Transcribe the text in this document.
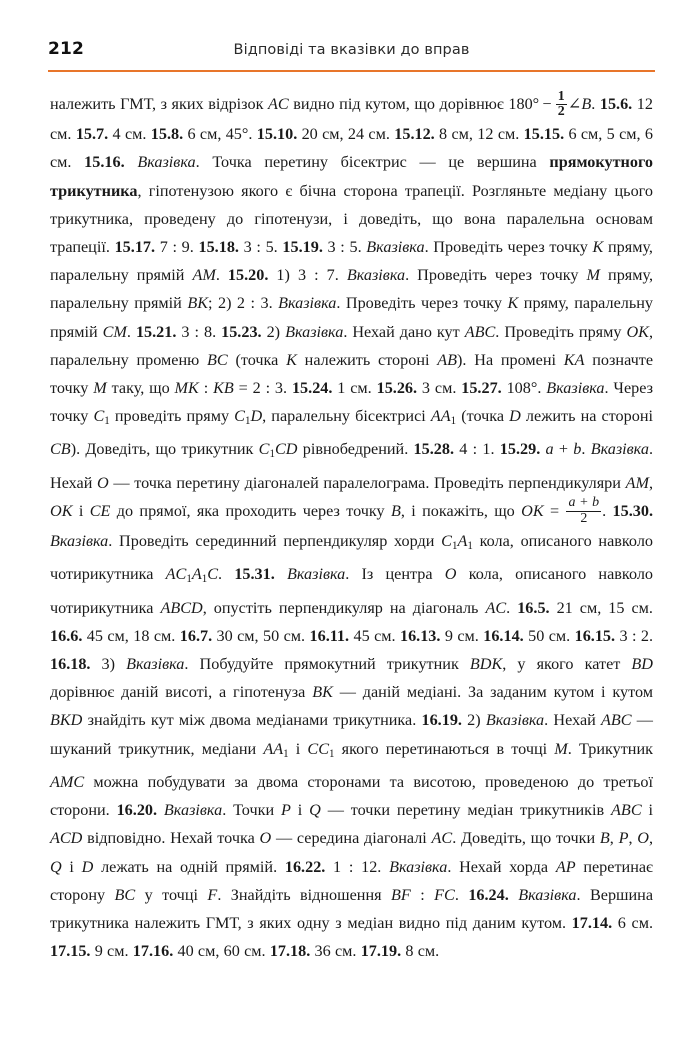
212	Відповіді та вказівки до вправ

належить ГМТ, з яких відрізок AC видно під кутом, що дорівнює $180^\circ - \frac{1}{2}$ ∠B. 15.6. 12 см. 15.7. 4 см. 15.8. 6 см, 45°. 15.10. 20 см, 24 см. 15.12. 8 см, 12 см. 15.15. 6 см, 5 см, 6 см. 15.16. Вказівка. Точка перетину бісектрис — це вершина прямокутного трикутника, гіпотенузою якого є бічна сторона трапеції. Розгляньте медіану цього трикутника, проведену до гіпотенузи, і доведіть, що вона паралельна основам трапеції. 15.17. 7 : 9. 15.18. 3 : 5. 15.19. 3 : 5. Вказівка. Проведіть через точку K пряму, паралельну прямій AM. 15.20. 1) 3 : 7. Вказівка. Проведіть через точку M пряму, паралельну прямій BK; 2) 2 : 3. Вказівка. Проведіть через точку K пряму, паралельну прямій CM. 15.21. 3 : 8. 15.23. 2) Вказівка. Нехай дано кут ABC. Проведіть пряму OK, паралельну променю BC (точка K належить стороні AB). На промені KA позначте точку M таку, що MK : KB = 2 : 3. 15.24. 1 см. 15.26. 3 см. 15.27. 108°. Вказівка. Через точку C1 проведіть пряму C1D, паралельну бісектрисі AA1 (точка D лежить на стороні CB). Доведіть, що трикутник C1CD рівнобедрений. 15.28. 4 : 1. 15.29. a + b. Вказівка. Нехай O — точка перетину діагоналей паралелограма. Проведіть перпендикуляри AM, OK і CE до прямої, яка проходить через точку B, і покажіть, що OK = $\frac{a + b}{2}$ . 15.30. Вказівка. Проведіть серединний перпендикуляр хорди C1A1 кола, описаного навколо чотирикутника AC1A1C. 15.31. Вказівка. Із центра O кола, описаного навколо чотирикутника ABCD, опустіть перпендикуляр на діагональ AC. 16.5. 21 см, 15 см. 16.6. 45 см, 18 см. 16.7. 30 см, 50 см. 16.11. 45 см. 16.13. 9 см. 16.14. 50 см. 16.15. 3 : 2. 16.18. 3) Вказівка. Побудуйте прямокутний трикутник BDK, у якого катет BD дорівнює даній висоті, а гіпотенуза BK — даній медіані. За заданим кутом і кутом BKD знайдіть кут між двома медіанами трикутника. 16.19. 2) Вказівка. Нехай ABC — шуканий трикутник, медіани AA1 і CC1 якого перетинаються в точці M. Трикутник AMC можна побудувати за двома сторонами та висотою, проведеною до третьої сторони. 16.20. Вказівка. Точки P і Q — точки перетину медіан трикутників ABC і ACD відповідно. Нехай точка O — середина діагоналі AC. Доведіть, що точки B, P, O, Q і D лежать на одній прямій. 16.22. 1 : 12. Вказівка. Нехай хорда AP перетинає сторону BC у точці F. Знайдіть відношення BF : FC. 16.24. Вказівка. Вершина трикутника належить ГМТ, з яких одну з медіан видно під даним кутом. 17.14. 6 см. 17.15. 9 см. 17.16. 40 см, 60 см. 17.18. 36 см. 17.19. 8 см.
